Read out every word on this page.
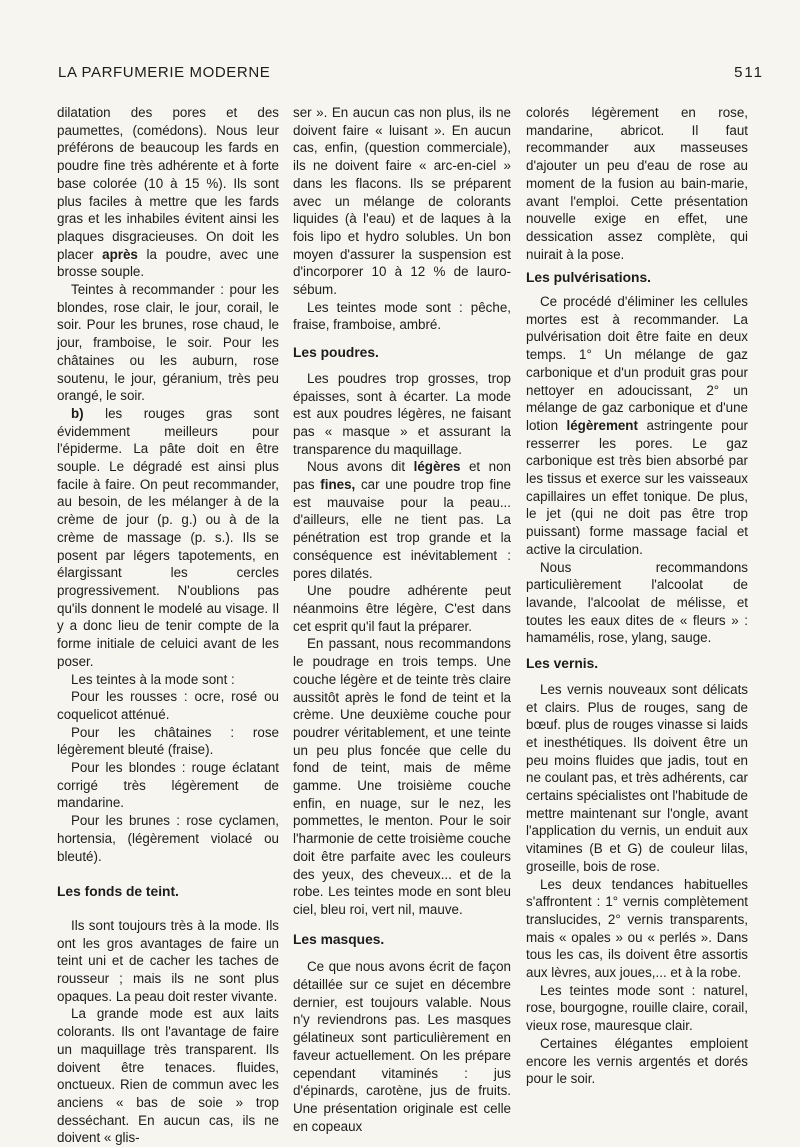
LA PARFUMERIE MODERNE	511

dilatation des pores et des paumettes, (comédons). Nous leur préférons de beaucoup les fards en poudre fine très adhérente et à forte base colorée (10 à 15 %). Ils sont plus faciles à mettre que les fards gras et les inhabiles évitent ainsi les plaques disgracieuses. On doit les placer après la poudre, avec une brosse souple.

Teintes à recommander : pour les blondes, rose clair, le jour, corail, le soir. Pour les brunes, rose chaud, le jour, framboise, le soir. Pour les châtaines ou les auburn, rose soutenu, le jour, géranium, très peu orangé, le soir.

b) les rouges gras sont évidemment meilleurs pour l'épiderme. La pâte doit en être souple. Le dégradé est ainsi plus facile à faire. On peut recommander, au besoin, de les mélanger à de la crème de jour (p. g.) ou à de la crème de massage (p. s.). Ils se posent par légers tapotements, en élargissant les cercles progressivement. N'oublions pas qu'ils donnent le modelé au visage. Il y a donc lieu de tenir compte de la forme initiale de celuici avant de les poser.

Les teintes à la mode sont :

Pour les rousses : ocre, rosé ou coquelicot atténué.

Pour les châtaines : rose légèrement bleuté (fraise).

Pour les blondes : rouge éclatant corrigé très légèrement de mandarine.

Pour les brunes : rose cyclamen, hortensia, (légèrement violacé ou bleuté).

Les fonds de teint.

Ils sont toujours très à la mode. Ils ont les gros avantages de faire un teint uni et de cacher les taches de rousseur ; mais ils ne sont plus opaques. La peau doit rester vivante.

La grande mode est aux laits colorants. Ils ont l'avantage de faire un maquillage très transparent. Ils doivent être tenaces. fluides, onctueux. Rien de commun avec les anciens « bas de soie » trop desséchant. En aucun cas, ils ne doivent « glis-

ser ». En aucun cas non plus, ils ne doivent faire « luisant ». En aucun cas, enfin, (question commerciale), ils ne doivent faire « arc-en-ciel » dans les flacons. Ils se préparent avec un mélange de colorants liquides (à l'eau) et de laques à la fois lipo et hydro solubles. Un bon moyen d'assurer la suspension est d'incorporer 10 à 12 % de lauro-sébum.

Les teintes mode sont : pêche, fraise, framboise, ambré.

Les poudres.

Les poudres trop grosses, trop épaisses, sont à écarter. La mode est aux poudres légères, ne faisant pas « masque » et assurant la transparence du maquillage.

Nous avons dit légères et non pas fines, car une poudre trop fine est mauvaise pour la peau... d'ailleurs, elle ne tient pas. La pénétration est trop grande et la conséquence est inévitablement : pores dilatés.

Une poudre adhérente peut néanmoins être légère, C'est dans cet esprit qu'il faut la préparer.

En passant, nous recommandons le poudrage en trois temps. Une couche légère et de teinte très claire aussitôt après le fond de teint et la crème. Une deuxième couche pour poudrer véritablement, et une teinte un peu plus foncée que celle du fond de teint, mais de même gamme. Une troisième couche enfin, en nuage, sur le nez, les pommettes, le menton. Pour le soir l'harmonie de cette troisième couche doit être parfaite avec les couleurs des yeux, des cheveux... et de la robe. Les teintes mode en sont bleu ciel, bleu roi, vert nil, mauve.

Les masques.

Ce que nous avons écrit de façon détaillée sur ce sujet en décembre dernier, est toujours valable. Nous n'y reviendrons pas. Les masques gélatineux sont particulièrement en faveur actuellement. On les prépare cependant vitaminés : jus d'épinards, carotène, jus de fruits. Une présentation originale est celle en copeaux

colorés légèrement en rose, mandarine, abricot. Il faut recommander aux masseuses d'ajouter un peu d'eau de rose au moment de la fusion au bain-marie, avant l'emploi. Cette présentation nouvelle exige en effet, une dessication assez complète, qui nuirait à la pose.

Les pulvérisations.

Ce procédé d'éliminer les cellules mortes est à recommander. La pulvérisation doit être faite en deux temps. 1° Un mélange de gaz carbonique et d'un produit gras pour nettoyer en adoucissant, 2° un mélange de gaz carbonique et d'une lotion légèrement astringente pour resserrer les pores. Le gaz carbonique est très bien absorbé par les tissus et exerce sur les vaisseaux capillaires un effet tonique. De plus, le jet (qui ne doit pas être trop puissant) forme massage facial et active la circulation.

Nous recommandons particulièrement l'alcoolat de lavande, l'alcoolat de mélisse, et toutes les eaux dites de « fleurs » : hamamélis, rose, ylang, sauge.

Les vernis.

Les vernis nouveaux sont délicats et clairs. Plus de rouges, sang de bœuf. plus de rouges vinasse si laids et inesthétiques. Ils doivent être un peu moins fluides que jadis, tout en ne coulant pas, et très adhérents, car certains spécialistes ont l'habitude de mettre maintenant sur l'ongle, avant l'application du vernis, un enduit aux vitamines (B et G) de couleur lilas, groseille, bois de rose.

Les deux tendances habituelles s'affrontent : 1° vernis complètement translucides, 2° vernis transparents, mais « opales » ou « perlés ». Dans tous les cas, ils doivent être assortis aux lèvres, aux joues,... et à la robe.

Les teintes mode sont : naturel, rose, bourgogne, rouille claire, corail, vieux rose, mauresque clair.

Certaines élégantes emploient encore les vernis argentés et dorés pour le soir.
